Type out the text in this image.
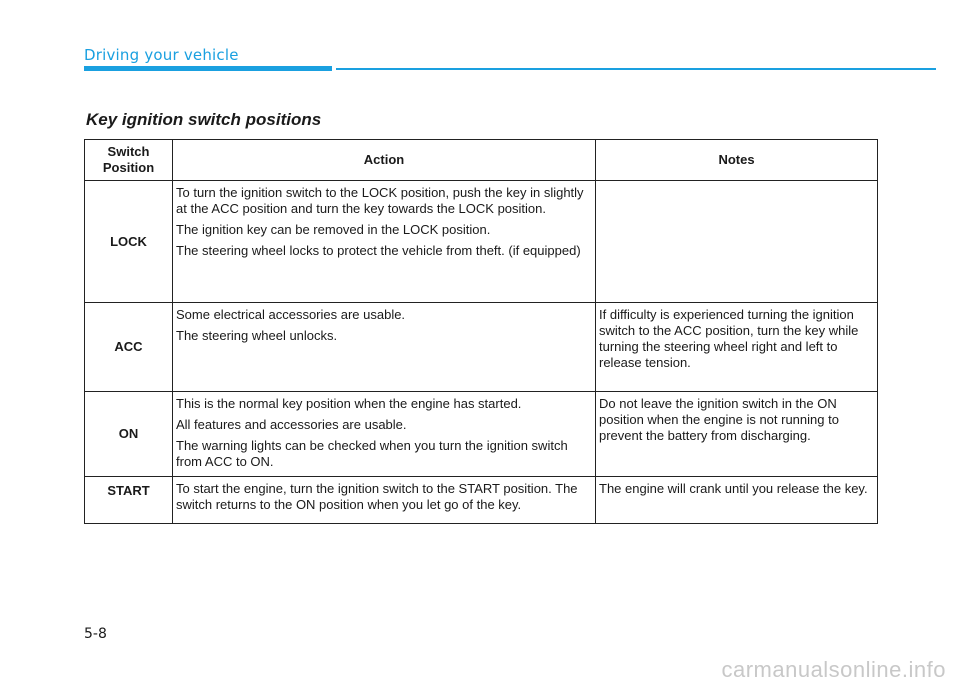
Driving your vehicle
Key ignition switch positions
Switch Position	Action	Notes
LOCK	To turn the ignition switch to the LOCK position, push the key in slightly at the ACC position and turn the key towards the LOCK position.

The ignition key can be removed in the LOCK position.

The steering wheel locks to protect the vehicle from theft. (if equipped)	

ACC	Some electrical accessories are usable.

The steering wheel unlocks.	If difficulty is experienced turning the ignition switch to the ACC position, turn the key while turning the steering wheel right and left to release tension.
ON	This is the normal key position when the engine has started.

All features and accessories are usable.

The warning lights can be checked when you turn the ignition switch from ACC to ON.	Do not leave the ignition switch in the ON position when the engine is not running to prevent the battery from discharging.
START	To start the engine, turn the ignition switch to the START position. The switch returns to the ON position when you let go of the key.	The engine will crank until you release the key.
5-8
carmanualsonline.info
